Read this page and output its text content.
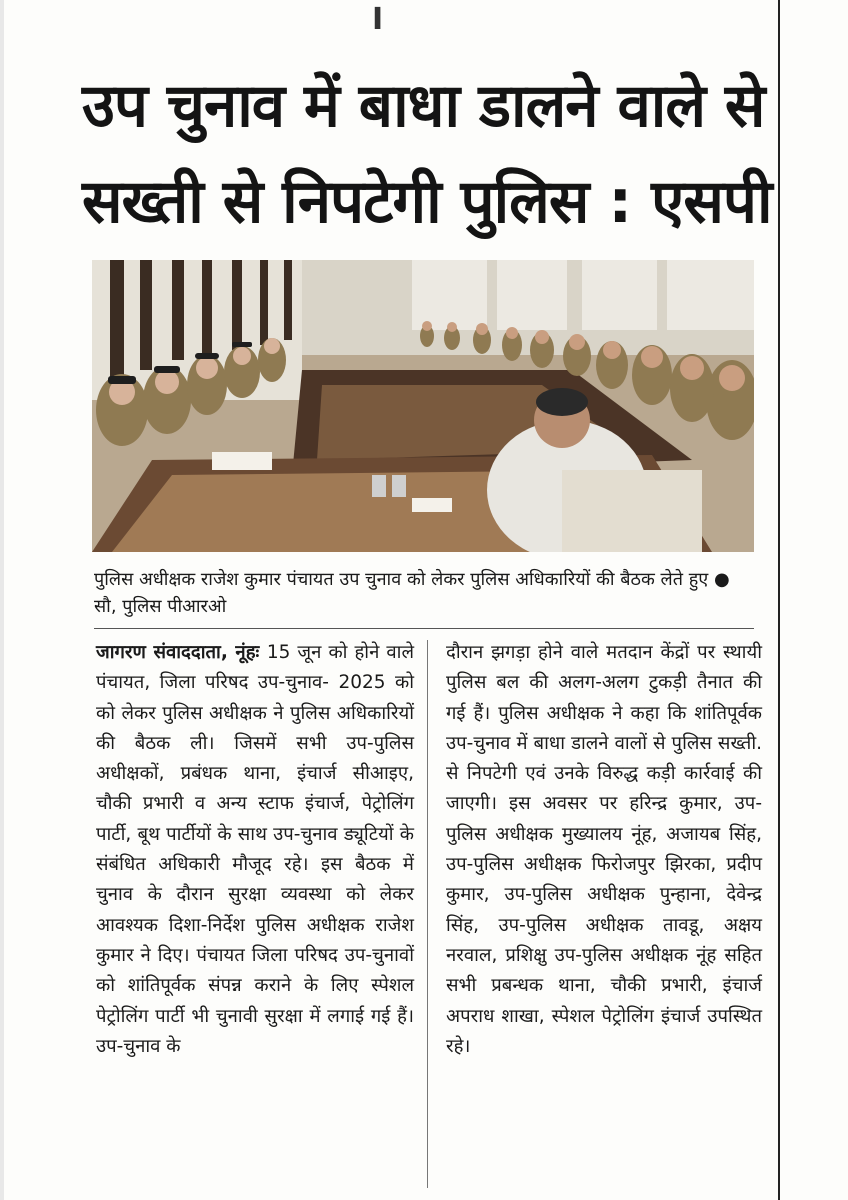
I
उप चुनाव में बाधा डालने वाले से
सख्ती से निपटेगी पुलिस : एसपी
पुलिस अधीक्षक राजेश कुमार पंचायत उप चुनाव को लेकर पुलिस अधिकारियों की बैठक लेते हुए ● सौ, पुलिस पीआरओ
जागरण संवाददाता, नूंहः 15 जून को होने वाले पंचायत, जिला परिषद उप-चुनाव- 2025 को को लेकर पुलिस अधीक्षक ने पुलिस अधिकारियों की बैठक ली। जिसमें सभी उप-पुलिस अधीक्षकों, प्रबंधक थाना, इंचार्ज सीआइए, चौकी प्रभारी व अन्य स्टाफ इंचार्ज, पेट्रोलिंग पार्टी, बूथ पार्टीयों के साथ उप-चुनाव ड्यूटियों के संबंधित अधिकारी मौजूद रहे। इस बैठक में चुनाव के दौरान सुरक्षा व्यवस्था को लेकर आवश्यक दिशा-निर्देश पुलिस अधीक्षक राजेश कुमार ने दिए। पंचायत जिला परिषद उप-चुनावों को शांतिपूर्वक संपन्न कराने के लिए स्पेशल पेट्रोलिंग पार्टी भी चुनावी सुरक्षा में लगाई गई हैं। उप-चुनाव के
दौरान झगड़ा होने वाले मतदान केंद्रों पर स्थायी पुलिस बल की अलग-अलग टुकड़ी तैनात की गई हैं। पुलिस अधीक्षक ने कहा कि शांतिपूर्वक उप-चुनाव में बाधा डालने वालों से पुलिस सख्ती. से निपटेगी एवं उनके विरुद्ध कड़ी कार्रवाई की जाएगी। इस अवसर पर हरिन्द्र कुमार, उप-पुलिस अधीक्षक मुख्यालय नूंह, अजायब सिंह, उप-पुलिस अधीक्षक फिरोजपुर झिरका, प्रदीप कुमार, उप-पुलिस अधीक्षक पुन्हाना, देवेन्द्र सिंह, उप-पुलिस अधीक्षक तावडू, अक्षय नरवाल, प्रशिक्षु उप-पुलिस अधीक्षक नूंह सहित सभी प्रबन्धक थाना, चौकी प्रभारी, इंचार्ज अपराध शाखा, स्पेशल पेट्रोलिंग इंचार्ज उपस्थित रहे।
